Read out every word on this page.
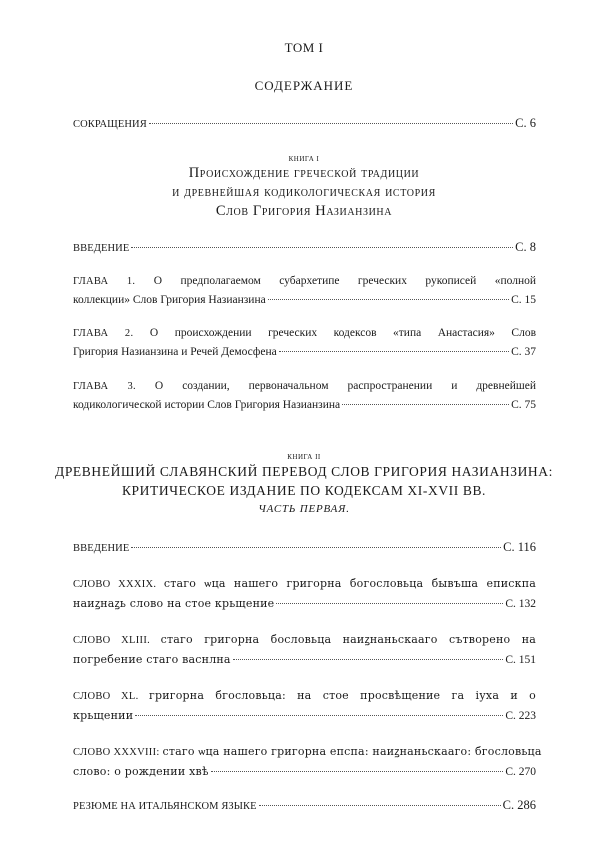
ТОМ I
СОДЕРЖАНИЕ
СОКРАЩЕНИЯ	С. 6
КНИГА I
Происхождение греческой традиции
и древнейшая кодикологическая история
Слов Григория Назианзина
ВВЕДЕНИЕ	С. 8
ГЛАВА 1. О предполагаемом субархетипе греческих рукописей «полной
коллекции» Слов Григория Назианзина	С. 15
ГЛАВА 2. О происхождении греческих кодексов «типа Анастасия» Слов
Григория Назианзина и Речей Демосфена	С. 37
ГЛАВА 3. О создании, первоначальном распространении и древнейшей
кодикологической истории Слов Григория Назианзина	С. 75
КНИГА II
ДРЕВНЕЙШИЙ СЛАВЯНСКИЙ ПЕРЕВОД СЛОВ ГРИГОРИЯ НАЗИАНЗИНА:
КРИТИЧЕСКОЕ ИЗДАНИЕ ПО КОДЕКСАМ XI-XVII ВВ.
ЧАСТЬ ПЕРВАЯ.
ВВЕДЕНИЕ	С. 116
СЛОВО XXXIX. стаго ѡца нашего григорна богословьца бывъша епискпа
наиꙁнаꙁь слово на стое крьщение	С. 132
СЛОВО XLIII. стаго григорна бословьца наиꙁнаньскааго сътворено на
погребение стаго васнлна	С. 151
СЛОВО XL. григорна бгословьца: на стое просвѣщение га іуха и о
крьщении	С. 223
СЛОВО XXXVIII: стаго ѡца нашего григорна епспа: наиꙁнаньскааго: бгословьца
слово: о рождении хвѣ	С. 270
РЕЗЮМЕ НА ИТАЛЬЯНСКОМ ЯЗЫКЕ	С. 286
